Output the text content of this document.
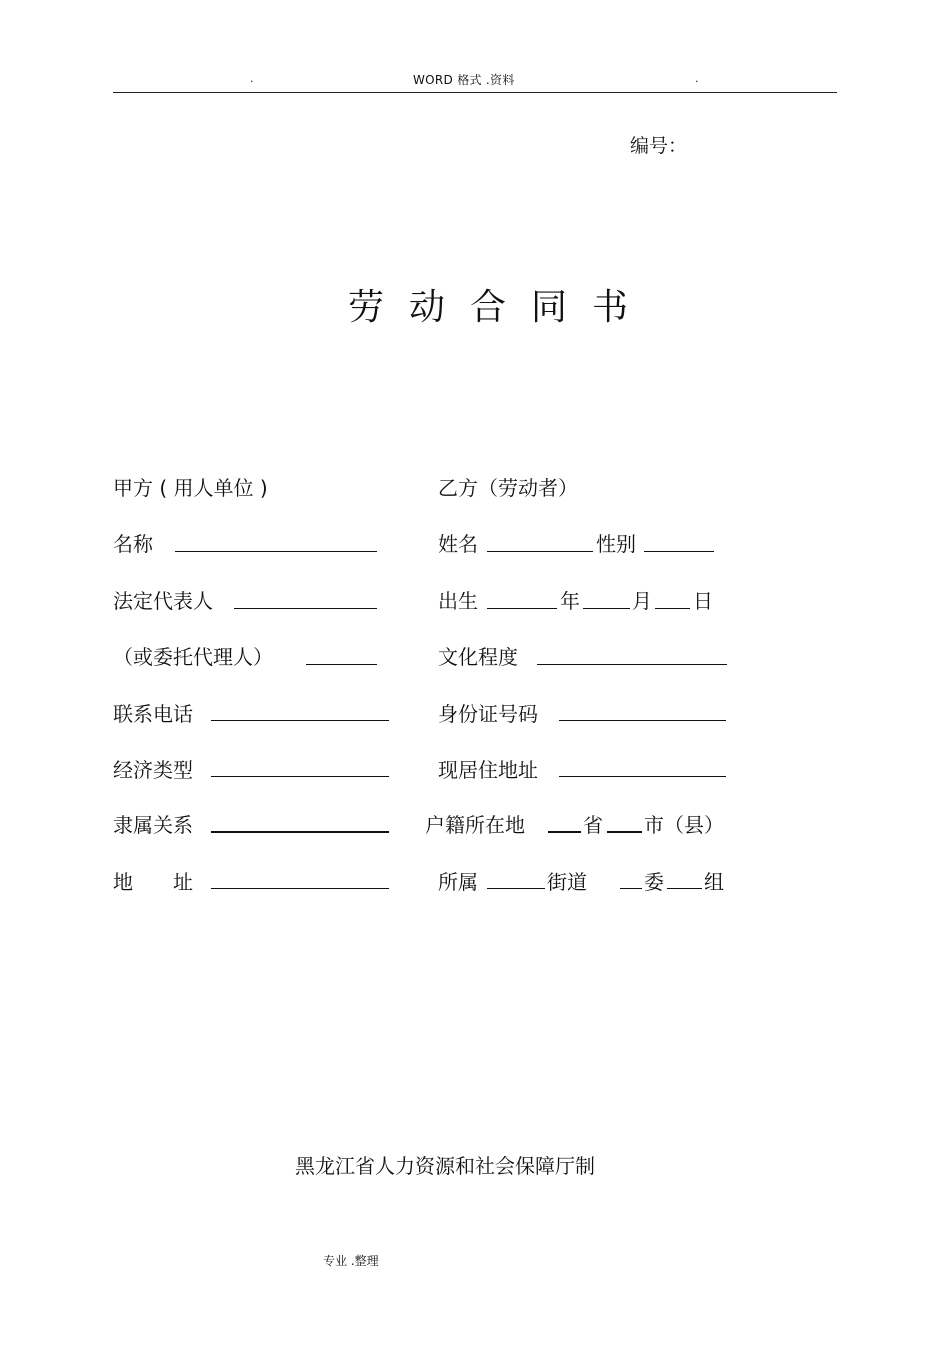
.	WORD 格式 .资料	.
编号：
劳动合同书
甲方 ( 用人单位 )	乙方（劳动者）
名称	姓名	性别
法定代表人	出生	年	月 日
（或委托代理人）	文化程度
联系电话	身份证号码
经济类型	现居住地址
隶属关系	户籍所在地	省 市（县）
地 址	所属	街道	委 组
黑龙江省人力资源和社会保障厅制
专业 .整理
